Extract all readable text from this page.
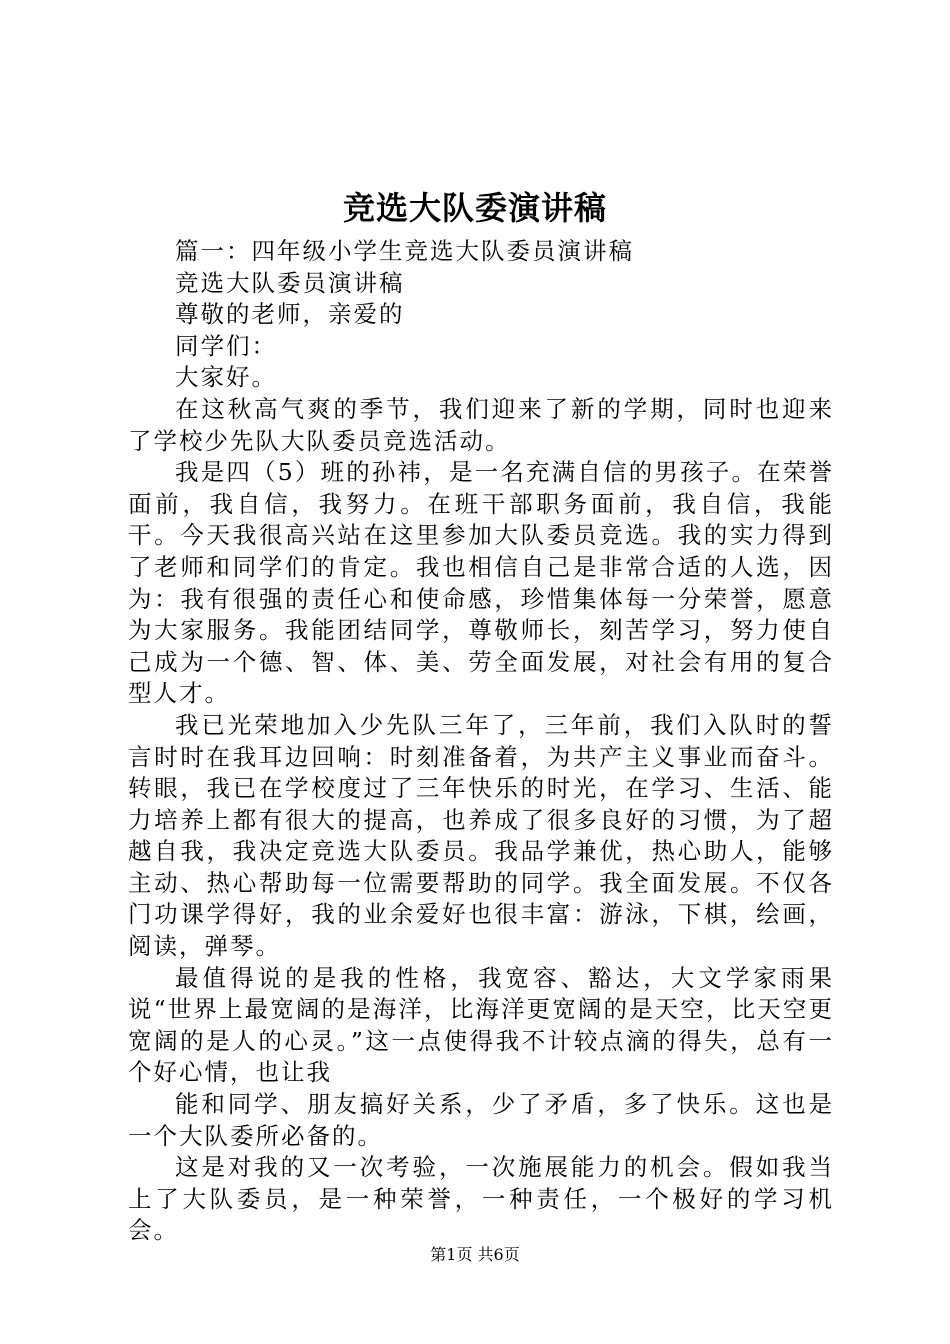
竞选大队委演讲稿

篇一：四年级小学生竞选大队委员演讲稿

竞选大队委员演讲稿

尊敬的老师，亲爱的

同学们：

大家好。

在这秋高气爽的季节，我们迎来了新的学期，同时也迎来了学校少先队大队委员竞选活动。

我是四（5）班的孙祎，是一名充满自信的男孩子。在荣誉面前，我自信，我努力。在班干部职务面前，我自信，我能干。今天我很高兴站在这里参加大队委员竞选。我的实力得到了老师和同学们的肯定。我也相信自己是非常合适的人选，因为：我有很强的责任心和使命感，珍惜集体每一分荣誉，愿意为大家服务。我能团结同学，尊敬师长，刻苦学习，努力使自己成为一个德、智、体、美、劳全面发展，对社会有用的复合型人才。

我已光荣地加入少先队三年了，三年前，我们入队时的誓言时时在我耳边回响：时刻准备着，为共产主义事业而奋斗。转眼，我已在学校度过了三年快乐的时光，在学习、生活、能力培养上都有很大的提高，也养成了很多良好的习惯，为了超越自我，我决定竞选大队委员。我品学兼优，热心助人，能够主动、热心帮助每一位需要帮助的同学。我全面发展。不仅各门功课学得好，我的业余爱好也很丰富：游泳，下棋，绘画，阅读，弹琴。

最值得说的是我的性格，我宽容、豁达，大文学家雨果说“世界上最宽阔的是海洋，比海洋更宽阔的是天空，比天空更宽阔的是人的心灵。”这一点使得我不计较点滴的得失，总有一个好心情，也让我

能和同学、朋友搞好关系，少了矛盾，多了快乐。这也是一个大队委所必备的。

这是对我的又一次考验，一次施展能力的机会。假如我当上了大队委员，是一种荣誉，一种责任，一个极好的学习机会。

第1页 共6页
